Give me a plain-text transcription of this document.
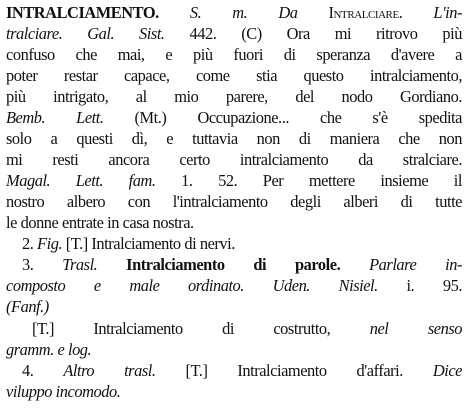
INTRALCIAMENTO. S. m. Da Intralciare. L'in-
tralciare. Gal. Sist. 442. (C) Ora mi ritrovo più
confuso che mai, e più fuori di speranza d'avere a
poter restar capace, come stia questo intralciamento,
più intrigato, al mio parere, del nodo Gordiano.
Bemb. Lett. (Mt.) Occupazione... che s'è spedita
solo a questi dì, e tuttavia non di maniera che non
mi resti ancora certo intralciamento da stralciare.
Magal. Lett. fam. 1. 52. Per mettere insieme il
nostro albero con l'intralciamento degli alberi di tutte
le donne entrate in casa nostra.
2. Fig. [T.] Intralciamento di nervi.
3. Trasl. Intralciamento di parole. Parlare in-
composto e male ordinato. Uden. Nisiel. i. 95.
(Fanf.)
[T.] Intralciamento di costrutto, nel senso
gramm. e log.
4. Altro trasl. [T.] Intralciamento d'affari. Dice
viluppo incomodo.
